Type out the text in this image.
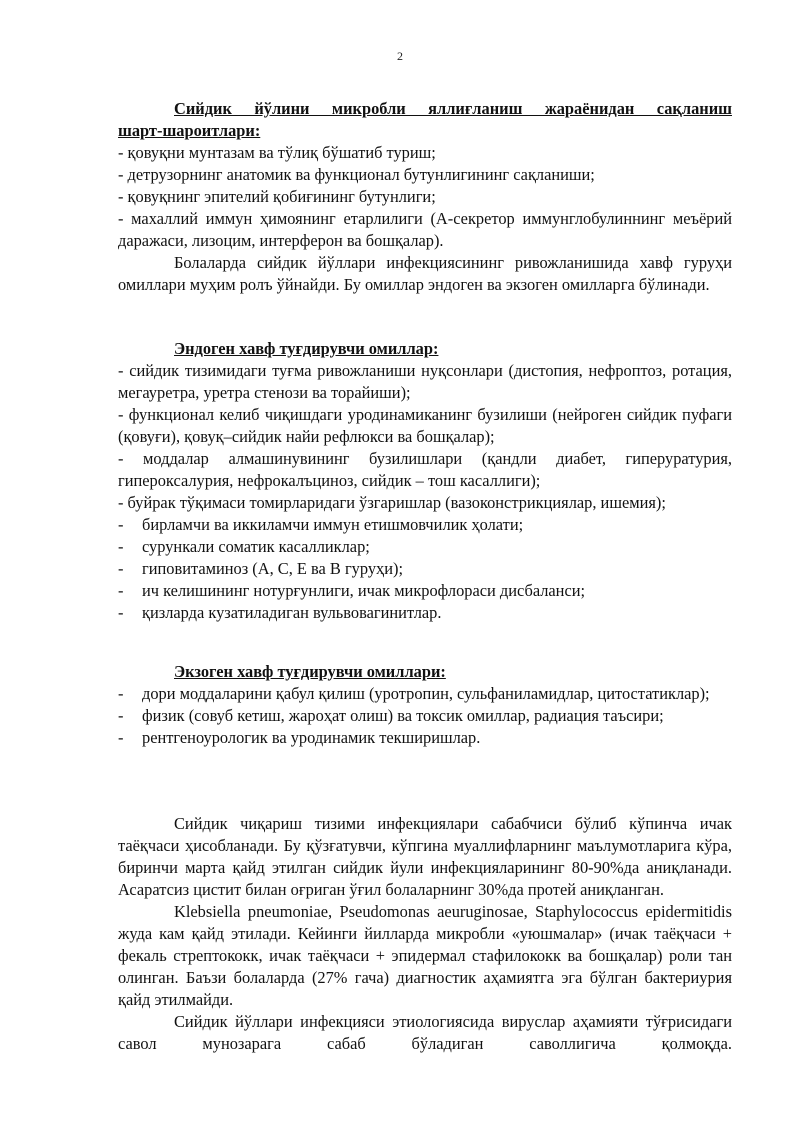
2

Сийдик йўлини микробли яллиғланиш жараёнидан сақланиш

шарт-шароитлари:

- қовуқни мунтазам ва тўлиқ бўшатиб туриш;

- детрузорнинг анатомик ва функционал бутунлигининг сақланиши;

- қовуқнинг эпителий қобиғининг бутунлиги;

- махаллий иммун ҳимоянинг етарлилиги (А-секретор иммунглобулиннинг меъёрий даражаси, лизоцим, интерферон ва бошқалар).

Болаларда сийдик йўллари инфекциясининг ривожланишида хавф гуруҳи омиллари муҳим ролъ ўйнайди. Бу омиллар эндоген ва экзоген омилларга бўлинади.

Эндоген хавф туғдирувчи омиллар:

- сийдик тизимидаги туғма ривожланиши нуқсонлари (дистопия, нефроптоз, ротация, мегауретра, уретра стенози ва торайиши);

- функционал келиб чиқишдаги уродинамиканинг бузилиши (нейроген сийдик пуфаги (қовуғи), қовуқ–сийдик найи рефлюкси ва бошқалар);

- моддалар алмашинувининг бузилишлари (қандли диабет, гиперуратурия, гипероксалурия, нефрокалъциноз, сийдик – тош касаллиги);

- буйрак тўқимаси томирларидаги ўзгаришлар (вазоконстрикциялар, ишемия);

- бирламчи ва иккиламчи иммун етишмовчилик ҳолати;
- сурункали соматик касалликлар;
- гиповитаминоз (A, C, E ва B гуруҳи);
- ич келишининг нотурғунлиги, ичак микрофлораси дисбаланси;
- қизларда кузатиладиган вульвовагинитлар.

Экзоген хавф туғдирувчи омиллари:

- дори моддаларини қабул қилиш (уротропин, сульфаниламидлар, цитостатиклар);
- физик (совуб кетиш, жароҳат олиш) ва токсик омиллар, радиация таъсири;
- рентгеноурологик ва уродинамик текширишлар.

Сийдик чиқариш тизими инфекциялари сабабчиси бўлиб кўпинча ичак таёқчаси ҳисобланади. Бу қўзғатувчи, кўпгина муаллифларнинг маълумотларига кўра, биринчи марта қайд этилган сийдик йули инфекцияларининг 80-90%да аниқланади. Асаратсиз цистит билан оғриган ўғил болаларнинг 30%да протей аниқланган.

Klebsiella pneumoniae, Pseudomonas aeuruginosae, Staphylococcus epidermitidis жуда кам қайд этилади. Кейинги йилларда микробли «уюшмалар» (ичак таёқчаси + фекаль стрептококк, ичак таёқчаси + эпидермал стафилококк ва бошқалар) роли тан олинган. Баъзи болаларда (27% гача) диагностик аҳамиятга эга бўлган бактериурия қайд этилмайди.

Сийдик йўллари инфекцияси этиологиясида вируслар аҳамияти тўғрисидаги савол мунозарага сабаб бўладиган саволлигича қолмоқда.
